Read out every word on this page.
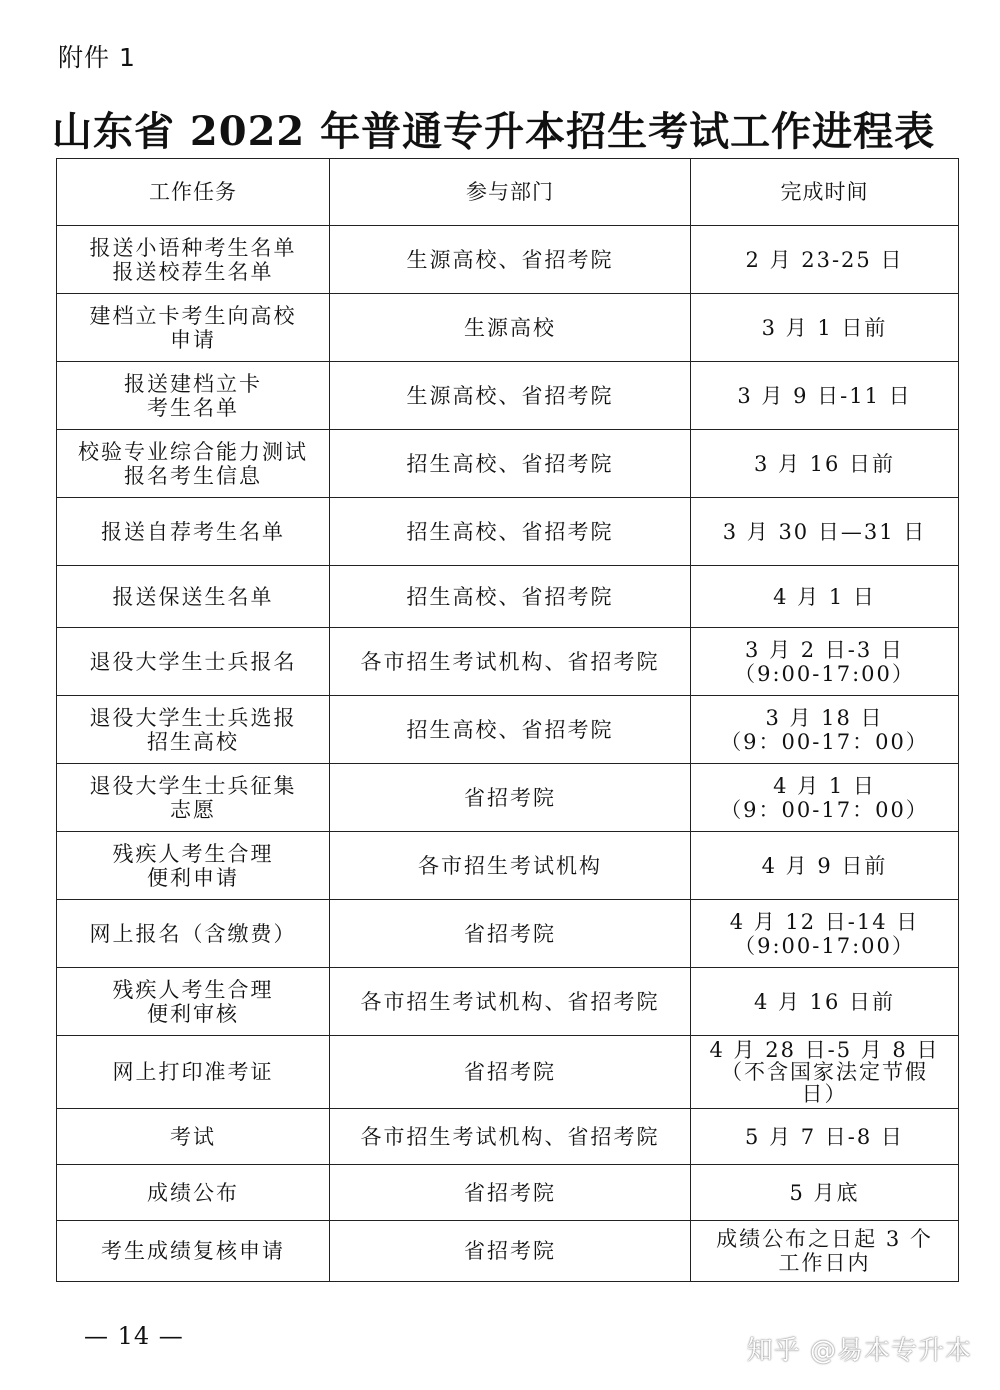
附件 1
山东省 2022 年普通专升本招生考试工作进程表
工作任务	参与部门	完成时间
报送小语种考生名单
报送校荐生名单	生源高校、省招考院	2 月 23-25 日
建档立卡考生向高校
申请	生源高校	3 月 1 日前
报送建档立卡
考生名单	生源高校、省招考院	3 月 9 日-11 日
校验专业综合能力测试
报名考生信息	招生高校、省招考院	3 月 16 日前
报送自荐考生名单	招生高校、省招考院	3 月 30 日—31 日
报送保送生名单	招生高校、省招考院	4 月 1 日
退役大学生士兵报名	各市招生考试机构、省招考院	3 月 2 日-3 日
（9:00-17:00）
退役大学生士兵选报
招生高校	招生高校、省招考院	3 月 18 日
（9：00-17：00）
退役大学生士兵征集
志愿	省招考院	4 月 1 日
（9：00-17：00）
残疾人考生合理
便利申请	各市招生考试机构	4 月 9 日前
网上报名（含缴费）	省招考院	4 月 12 日-14 日
（9:00-17:00）
残疾人考生合理
便利审核	各市招生考试机构、省招考院	4 月 16 日前
网上打印准考证	省招考院	4 月 28 日-5 月 8 日
（不含国家法定节假
日）
考试	各市招生考试机构、省招考院	5 月 7 日-8 日
成绩公布	省招考院	5 月底
考生成绩复核申请	省招考院	成绩公布之日起 3 个
工作日内
— 14 —	知乎 @易本专升本
